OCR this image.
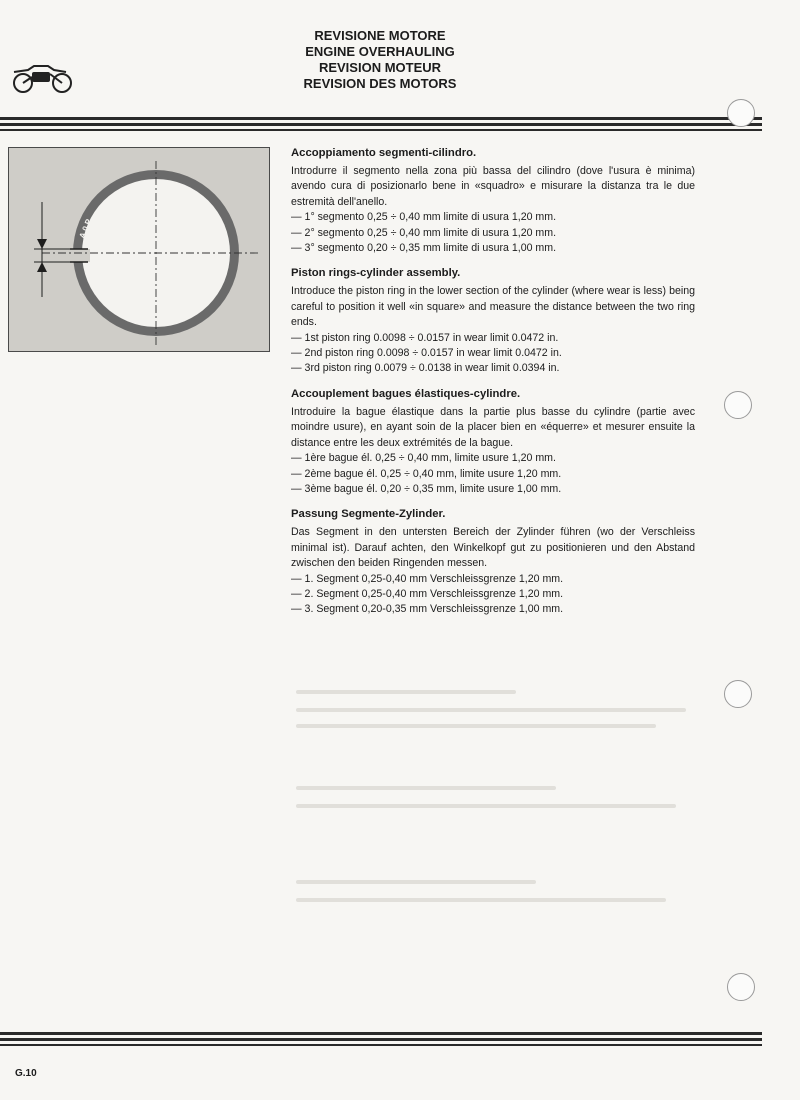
REVISIONE MOTORE
ENGINE OVERHAULING
REVISION MOTEUR
REVISION DES MOTORS
A.0.P.
Accoppiamento segmenti-cilindro.

Introdurre il segmento nella zona più bassa del cilindro (dove l'usura è minima) avendo cura di posizionarlo bene in «squadro» e misurare la distanza tra le due estremità dell'anello.

— 1° segmento 0,25 ÷ 0,40 mm limite di usura 1,20 mm.
— 2° segmento 0,25 ÷ 0,40 mm limite di usura 1,20 mm.
— 3° segmento 0,20 ÷ 0,35 mm limite di usura 1,00 mm.
Piston rings-cylinder assembly.

Introduce the piston ring in the lower section of the cylinder (where wear is less) being careful to position it well «in square» and measure the distance between the two ring ends.

— 1st piston ring 0.0098 ÷ 0.0157 in wear limit 0.0472 in.
— 2nd piston ring 0.0098 ÷ 0.0157 in wear limit 0.0472 in.
— 3rd piston ring 0.0079 ÷ 0.0138 in wear limit 0.0394 in.
Accouplement bagues élastiques-cylindre.

Introduire la bague élastique dans la partie plus basse du cylindre (partie avec moindre usure), en ayant soin de la placer bien en «équerre» et mesurer ensuite la distance entre les deux extrémités de la bague.

— 1ère bague él. 0,25 ÷ 0,40 mm, limite usure 1,20 mm.
— 2ème bague él. 0,25 ÷ 0,40 mm, limite usure 1,20 mm.
— 3ème bague él. 0,20 ÷ 0,35 mm, limite usure 1,00 mm.
Passung Segmente-Zylinder.

Das Segment in den untersten Bereich der Zylinder führen (wo der Verschleiss minimal ist). Darauf achten, den Winkelkopf gut zu positionieren und den Abstand zwischen den beiden Ringenden messen.

— 1. Segment 0,25-0,40 mm Verschleissgrenze 1,20 mm.
— 2. Segment 0,25-0,40 mm Verschleissgrenze 1,20 mm.
— 3. Segment 0,20-0,35 mm Verschleissgrenze 1,00 mm.
G.10
